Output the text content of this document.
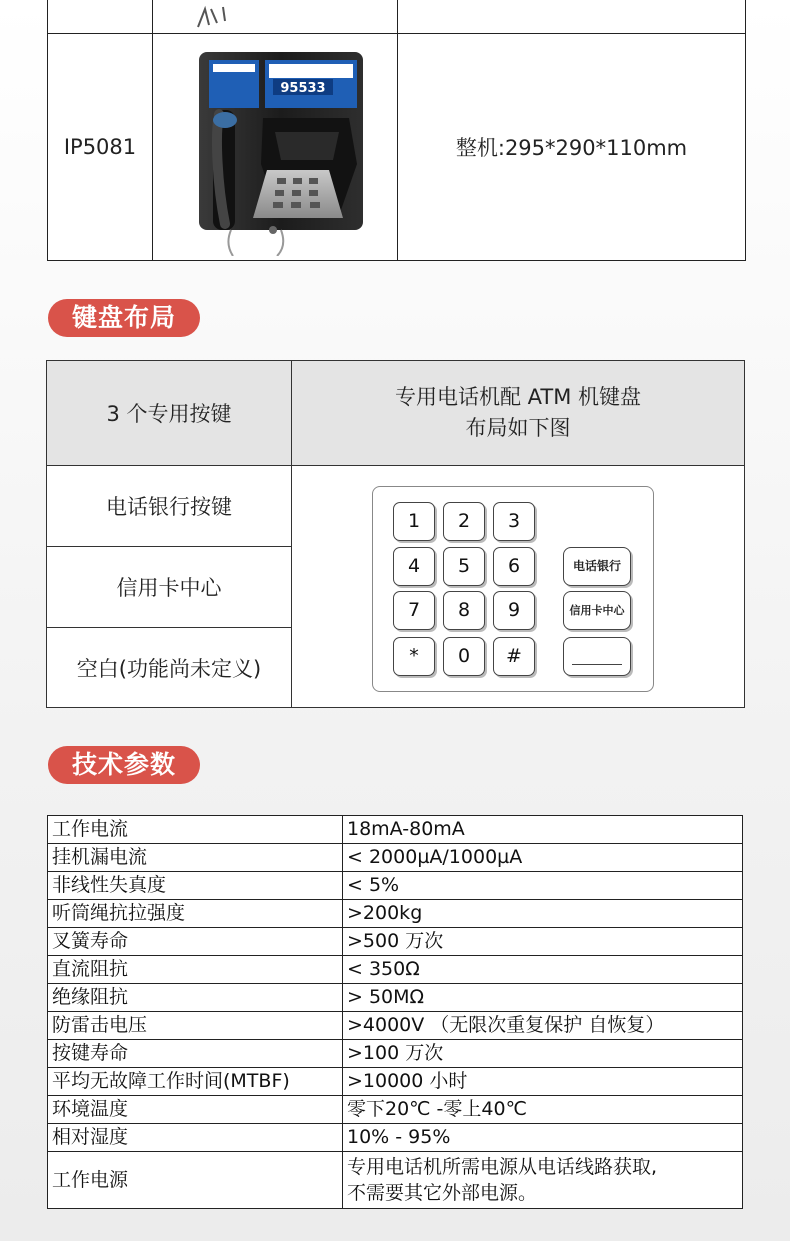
IP5081	95533	整机:295*290*110mm
键盘布局
3 个专用按键	专用电话机配 ATM 机键盘
布局如下图

电话银行按键	
信用卡中心	
空白(功能尚未定义)	
1	2	3
4	5	6
7	8	9
*	0	#
电话银行
信用卡中心
技术参数
工作电流	18mA-80mA
挂机漏电流	< 2000µA/1000µA
非线性失真度	< 5%
听筒绳抗拉强度	>200kg
叉簧寿命	>500 万次
直流阻抗	< 350Ω
绝缘阻抗	> 50MΩ
防雷击电压	>4000V （无限次重复保护 自恢复）
按键寿命	>100 万次
平均无故障工作时间(MTBF)	>10000 小时
环境温度	零下20℃ -零上40℃
相对湿度	10% - 95%
工作电源	专用电话机所需电源从电话线路获取,
不需要其它外部电源。
